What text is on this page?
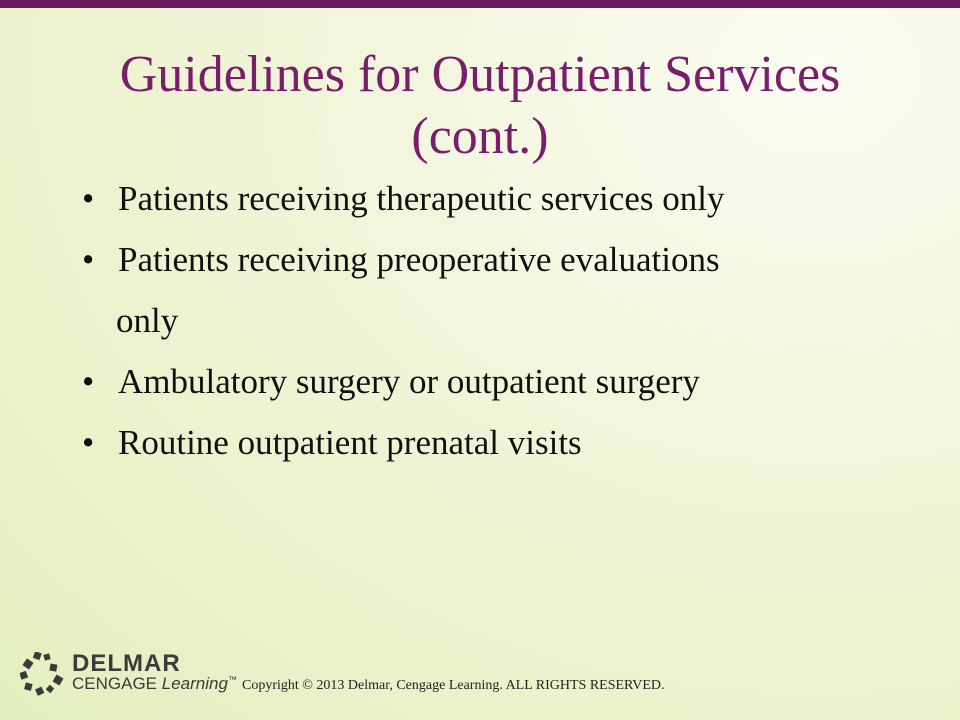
Guidelines for Outpatient Services
(cont.)
• Patients receiving therapeutic services only
• Patients receiving preoperative evaluations
only
• Ambulatory surgery or outpatient surgery
• Routine outpatient prenatal visits
DELMAR
CENGAGE Learning™ Copyright © 2013 Delmar, Cengage Learning. ALL RIGHTS RESERVED.
